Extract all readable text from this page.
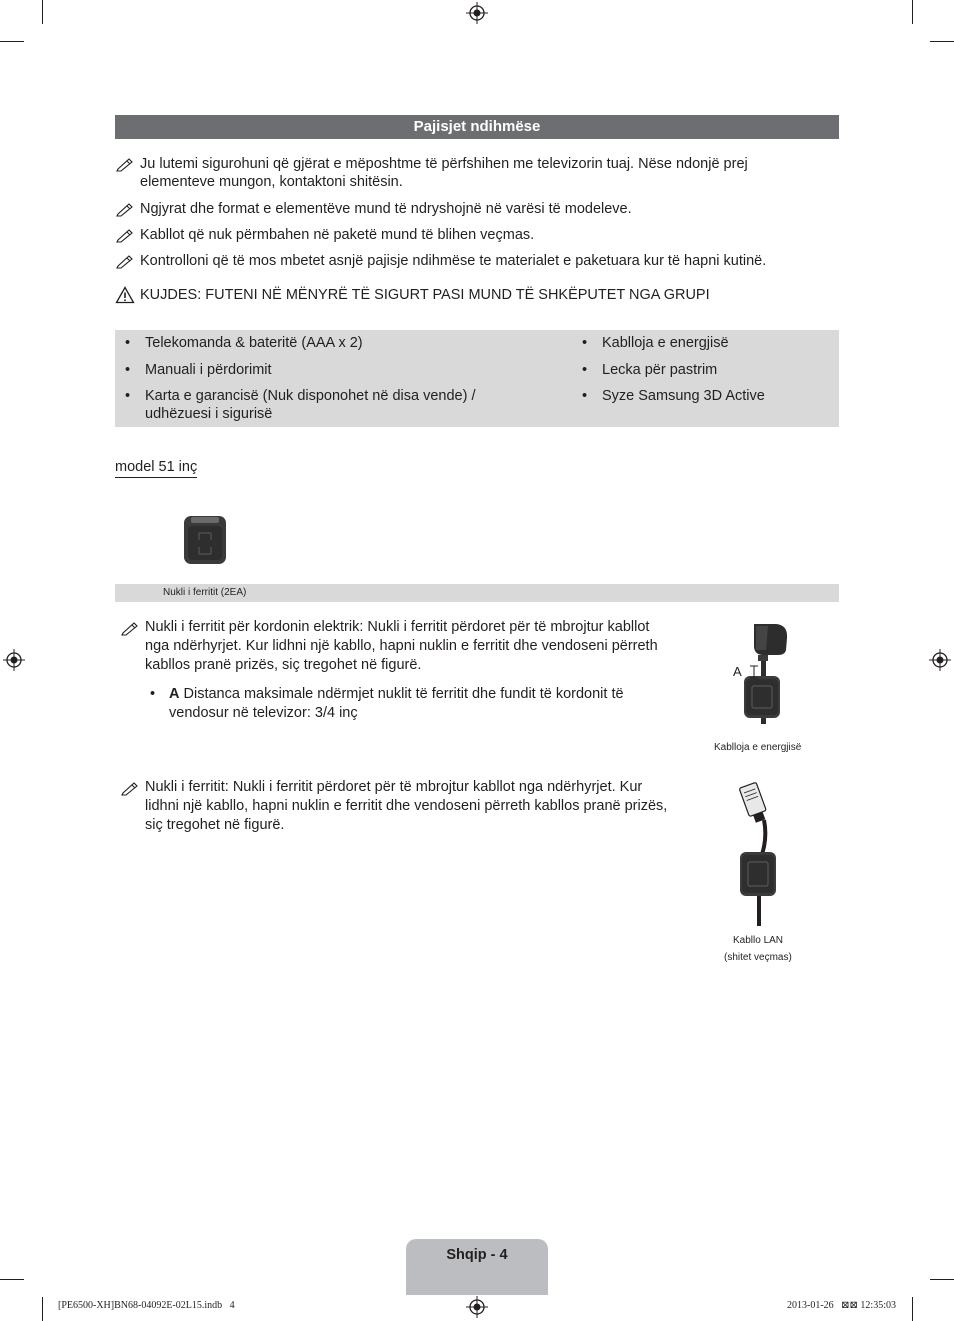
Pajisjet ndihmëse
Ju lutemi sigurohuni që gjërat e mëposhtme të përfshihen me televizorin tuaj. Nëse ndonjë prej elementeve mungon, kontaktoni shitësin.
Ngjyrat dhe format e elementëve mund të ndryshojnë në varësi të modeleve.
Kabllot që nuk përmbahen në paketë mund të blihen veçmas.
Kontrolloni që të mos mbetet asnjë pajisje ndihmëse te materialet e paketuara kur të hapni kutinë.
KUJDES: FUTENI NË MËNYRË TË SIGURT PASI MUND TË SHKËPUTET NGA GRUPI
• Telekomanda & bateritë (AAA x 2)
• Manuali i përdorimit
• Karta e garancisë (Nuk disponohet në disa vende) / udhëzuesi i sigurisë
• Kablloja e energjisë
• Lecka për pastrim
• Syze Samsung 3D Active
model 51 inç
Nukli i ferritit (2EA)
Nukli i ferritit për kordonin elektrik: Nukli i ferritit përdoret për të mbrojtur kabllot nga ndërhyrjet. Kur lidhni një kabllo, hapni nuklin e ferritit dhe vendoseni përreth kabllos pranë prizës, siç tregohet në figurë.
• A Distanca maksimale ndërmjet nuklit të ferritit dhe fundit të kordonit të vendosur në televizor: 3/4 inç
A
Kabll​oja e energjisë
Nukli i ferritit: Nukli i ferritit përdoret për të mbrojtur kabllot nga ndërhyrjet. Kur lidhni një kabllo, hapni nuklin e ferritit dhe vendoseni përreth kabllos pranë prizës, siç tregohet në figurë.
Kabllo LAN
(shitet veçmas)
Shqip - 4
[PE6500-XH]BN68-04092E-02L15.indb   4	2013-01-26   ⊠⊠ 12:35:03
